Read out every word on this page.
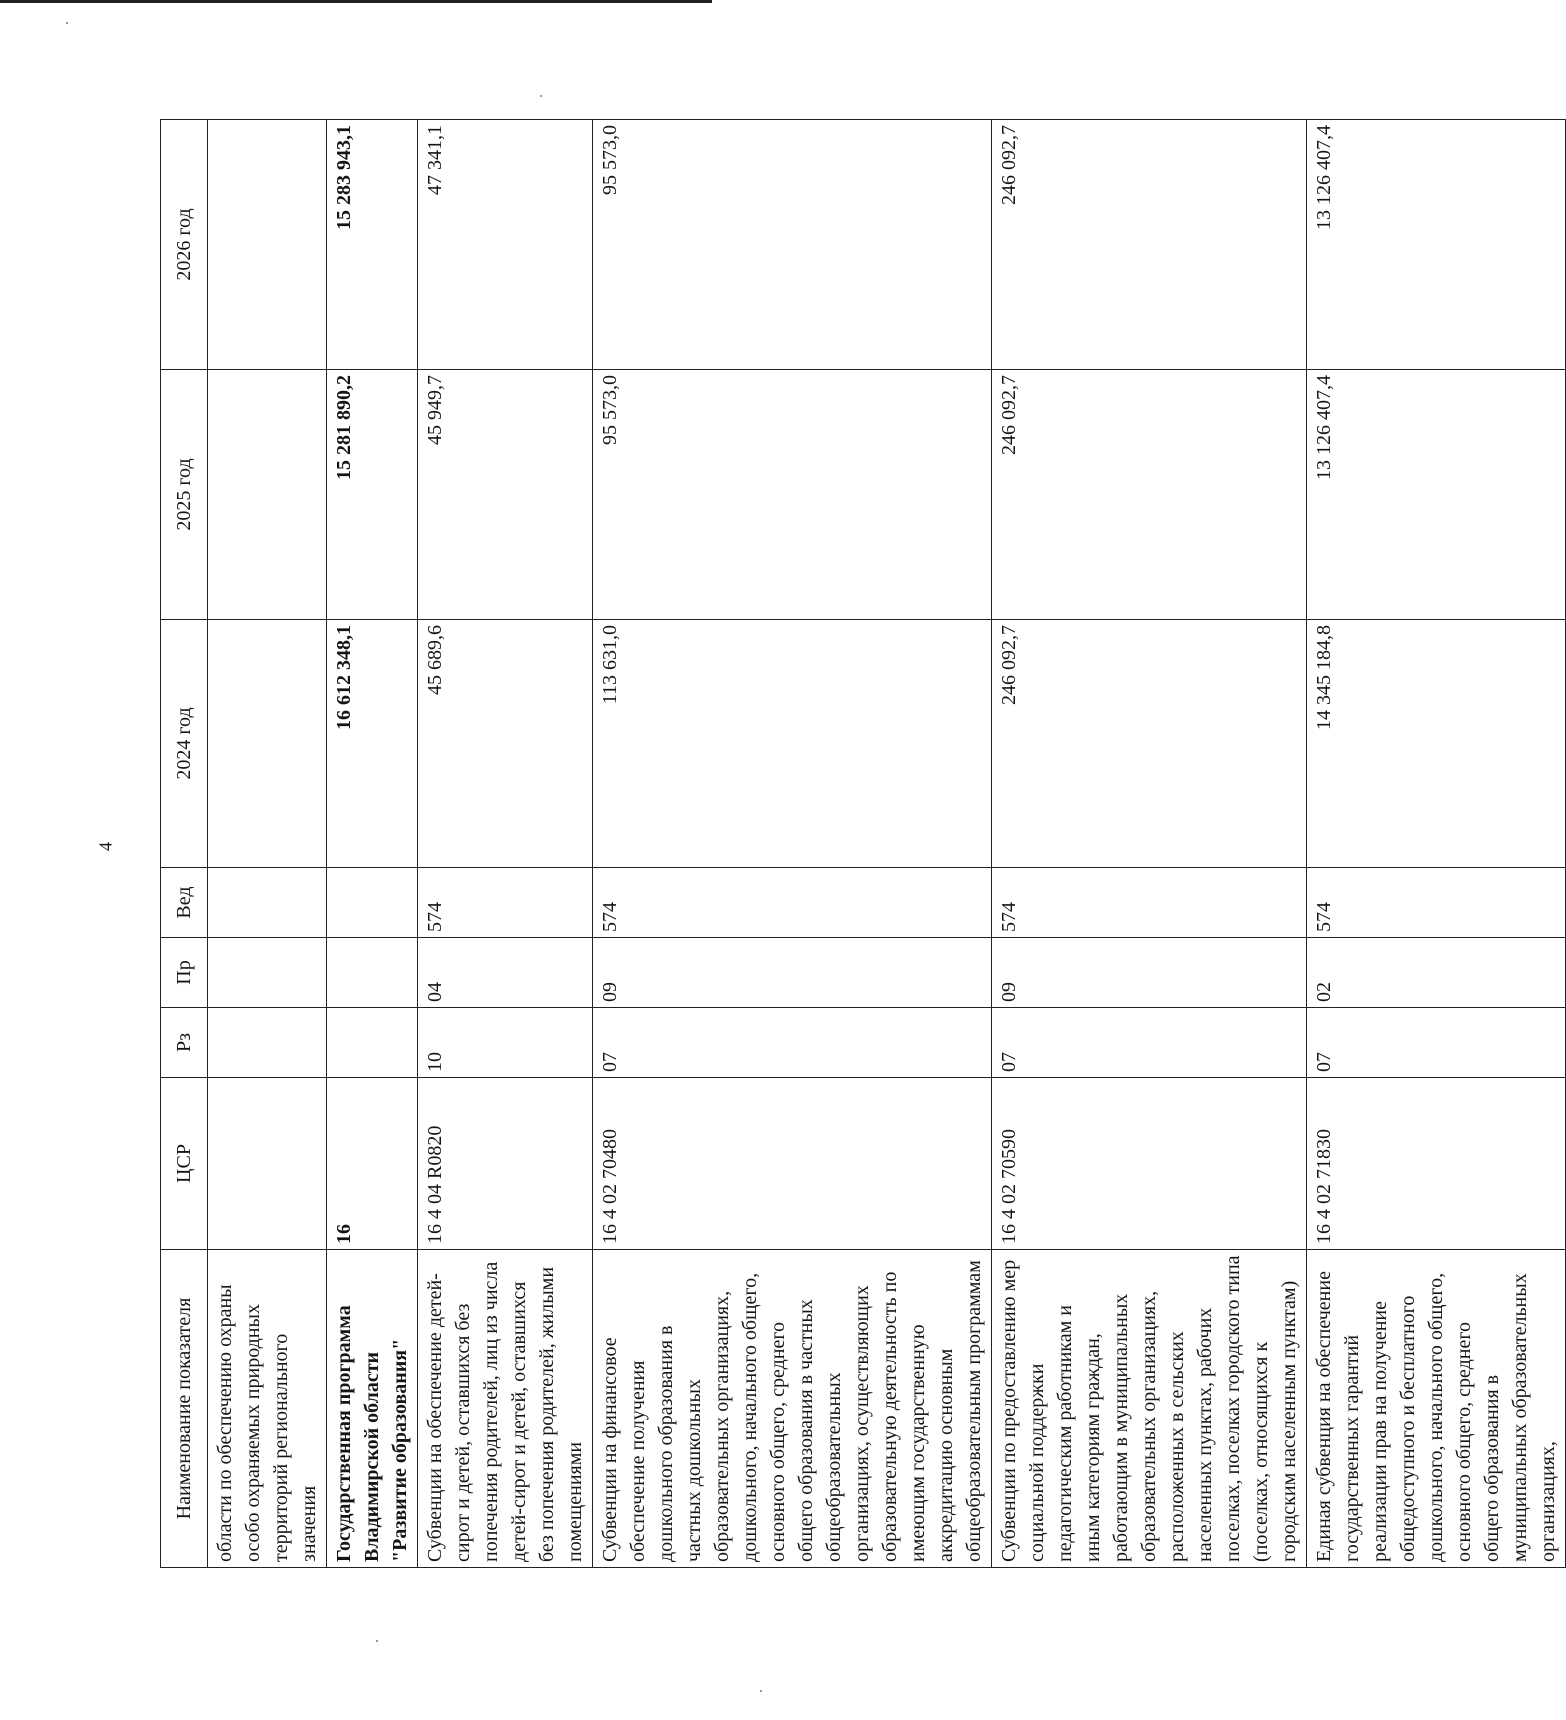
4
Наименование показателя	ЦСР	Рз	Пр	Вед	2024 год	2025 год	2026 год
области по обеспечению охраны особо охраняемых природных территорий регионального значения							
Государственная программа Владимирской области "Развитие образования"	16				16 612 348,1	15 281 890,2	15 283 943,1
Субвенции на обеспечение детей-сирот и детей, оставшихся без попечения родителей, лиц из числа детей-сирот и детей, оставшихся без попечения родителей, жилыми помещениями	16 4 04 R0820	10	04	574	45 689,6	45 949,7	47 341,1
Субвенции на финансовое обеспечение получения дошкольного образования в частных дошкольных образовательных организациях, дошкольного, начального общего, основного общего, среднего общего образования в частных общеобразовательных организациях, осуществляющих образовательную деятельность по имеющим государственную аккредитацию основным общеобразовательным программам	16 4 02 70480	07	09	574	113 631,0	95 573,0	95 573,0
Субвенции по предоставлению мер социальной поддержки педагогическим работникам и иным категориям граждан, работающим в муниципальных образовательных организациях, расположенных в сельских населенных пунктах, рабочих поселках, поселках городского типа (поселках, относящихся к городским населенным пунктам)	16 4 02 70590	07	09	574	246 092,7	246 092,7	246 092,7
Единая субвенция на обеспечение государственных гарантий реализации прав на получение общедоступного и бесплатного дошкольного, начального общего, основного общего, среднего общего образования в муниципальных образовательных организациях,	16 4 02 71830	07	02	574	14 345 184,8	13 126 407,4	13 126 407,4
